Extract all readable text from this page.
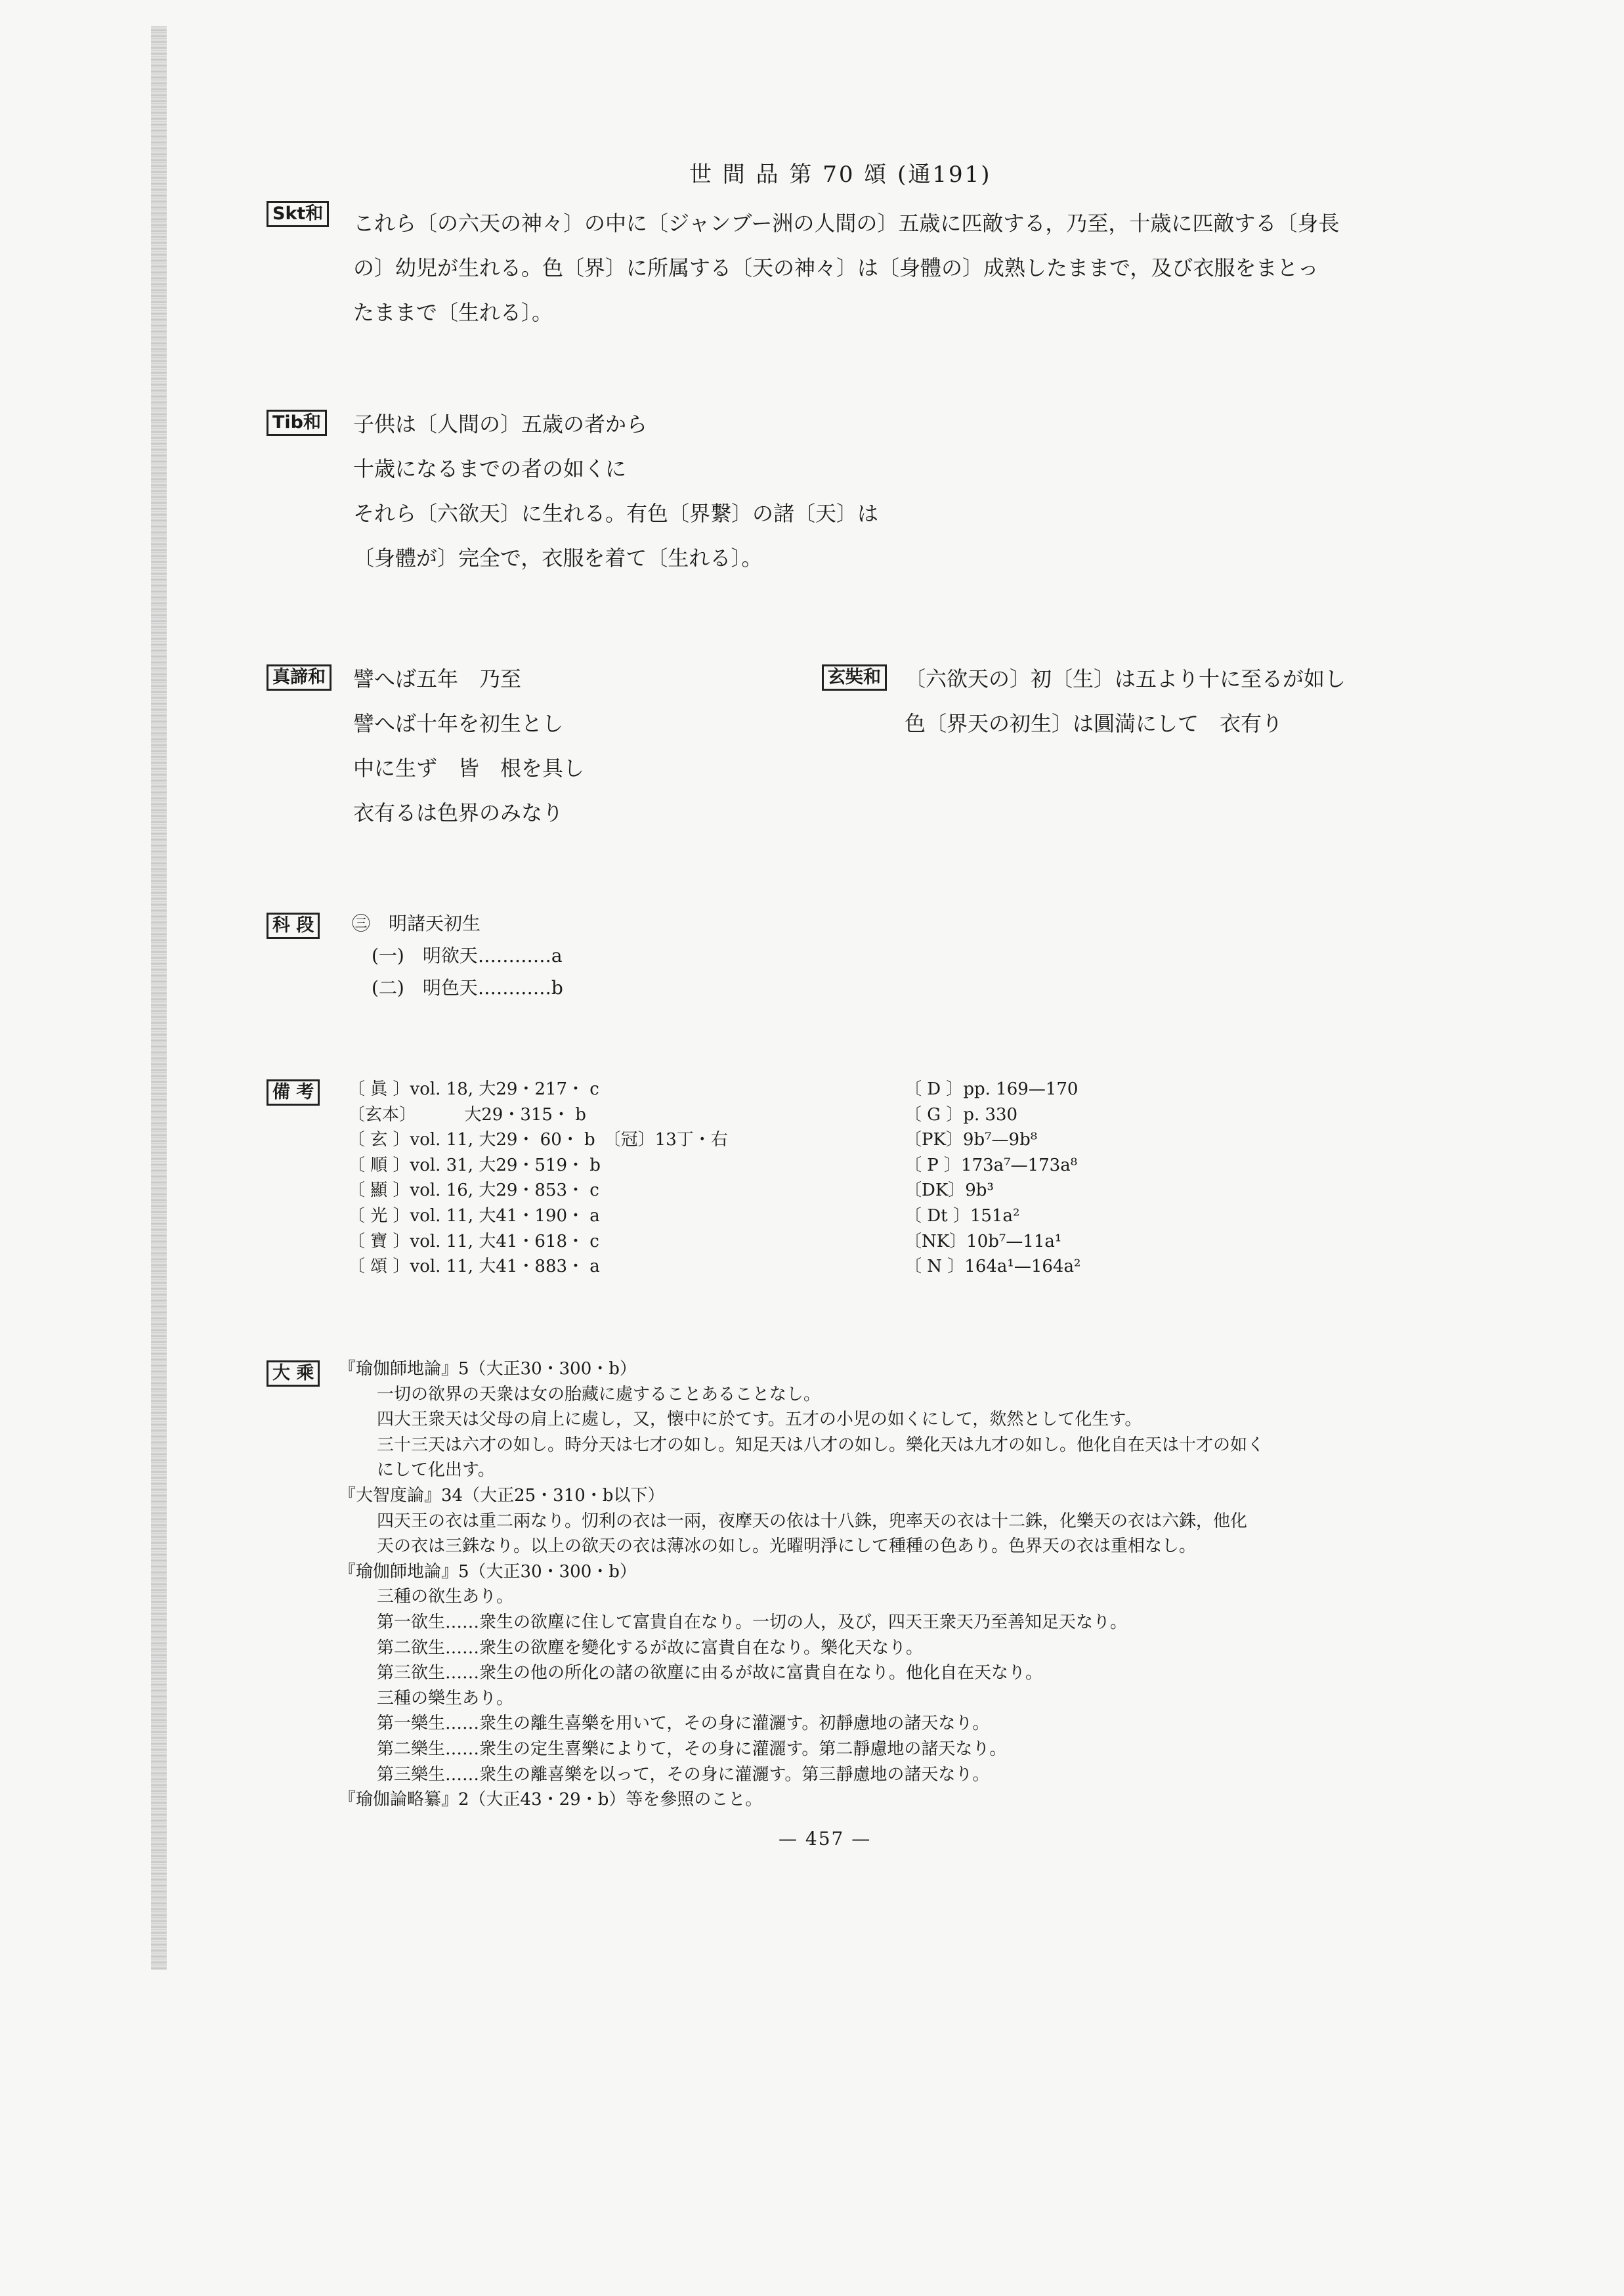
世 間 品 第 70 頌 (通191)
Skt和 これら〔の六天の神々〕の中に〔ジャンブー洲の人間の〕五歳に匹敵する，乃至，十歳に匹敵する〔身長
の〕幼児が生れる。色〔界〕に所属する〔天の神々〕は〔身體の〕成熟したままで，及び衣服をまとっ
たままで〔生れる〕。
Tib和 子供は〔人間の〕五歳の者から
十歳になるまでの者の如くに
それら〔六欲天〕に生れる。有色〔界繋〕の諸〔天〕は
〔身體が〕完全で，衣服を着て〔生れる〕。
真諦和 譬へば五年　乃至
譬へば十年を初生とし
中に生ず　皆　根を具し
衣有るは色界のみなり
玄奘和 〔六欲天の〕初〔生〕は五より十に至るが如し
色〔界天の初生〕は圓満にして　衣有り
科 段	㊂　明諸天初生
(一)　明欲天…………a
(二)　明色天…………b
備 考	〔 眞 〕vol. 18, 大29・217・ c
〔玄本〕　　　 大29・315・ b
〔 玄 〕vol. 11, 大29・ 60・ b　〔冠〕13丁・右
〔 順 〕vol. 31, 大29・519・ b
〔 顯 〕vol. 16, 大29・853・ c
〔 光 〕vol. 11, 大41・190・ a
〔 寶 〕vol. 11, 大41・618・ c
〔 頌 〕vol. 11, 大41・883・ a
〔 D 〕pp. 169—170
〔 G 〕p. 330
〔PK〕9b⁷—9b⁸
〔 P 〕173a⁷—173a⁸
〔DK〕9b³
〔 Dt 〕151a²
〔NK〕10b⁷—11a¹
〔 N 〕164a¹—164a²
大 乘	『瑜伽師地論』5（大正30・300・b）
一切の欲界の天衆は女の胎藏に處することあることなし。
四大王衆天は父母の肩上に處し，又，懐中に於てす。五才の小児の如くにして，欻然として化生す。
三十三天は六才の如し。時分天は七才の如し。知足天は八才の如し。樂化天は九才の如し。他化自在天は十才の如く
にして化出す。
『大智度論』34（大正25・310・b以下）
四天王の衣は重二兩なり。忉利の衣は一兩，夜摩天の依は十八銖，兜率天の衣は十二銖，化樂天の衣は六銖，他化
天の衣は三銖なり。以上の欲天の衣は薄冰の如し。光曜明淨にして種種の色あり。色界天の衣は重相なし。
『瑜伽師地論』5（大正30・300・b）
三種の欲生あり。
第一欲生……衆生の欲塵に住して富貴自在なり。一切の人，及び，四天王衆天乃至善知足天なり。
第二欲生……衆生の欲塵を變化するが故に富貴自在なり。樂化天なり。
第三欲生……衆生の他の所化の諸の欲塵に由るが故に富貴自在なり。他化自在天なり。
三種の樂生あり。
第一樂生……衆生の離生喜樂を用いて，その身に灌灑す。初靜慮地の諸天なり。
第二樂生……衆生の定生喜樂によりて，その身に灌灑す。第二靜慮地の諸天なり。
第三樂生……衆生の離喜樂を以って，その身に灌灑す。第三靜慮地の諸天なり。
『瑜伽論略纂』2（大正43・29・b）等を參照のこと。
— 457 —
